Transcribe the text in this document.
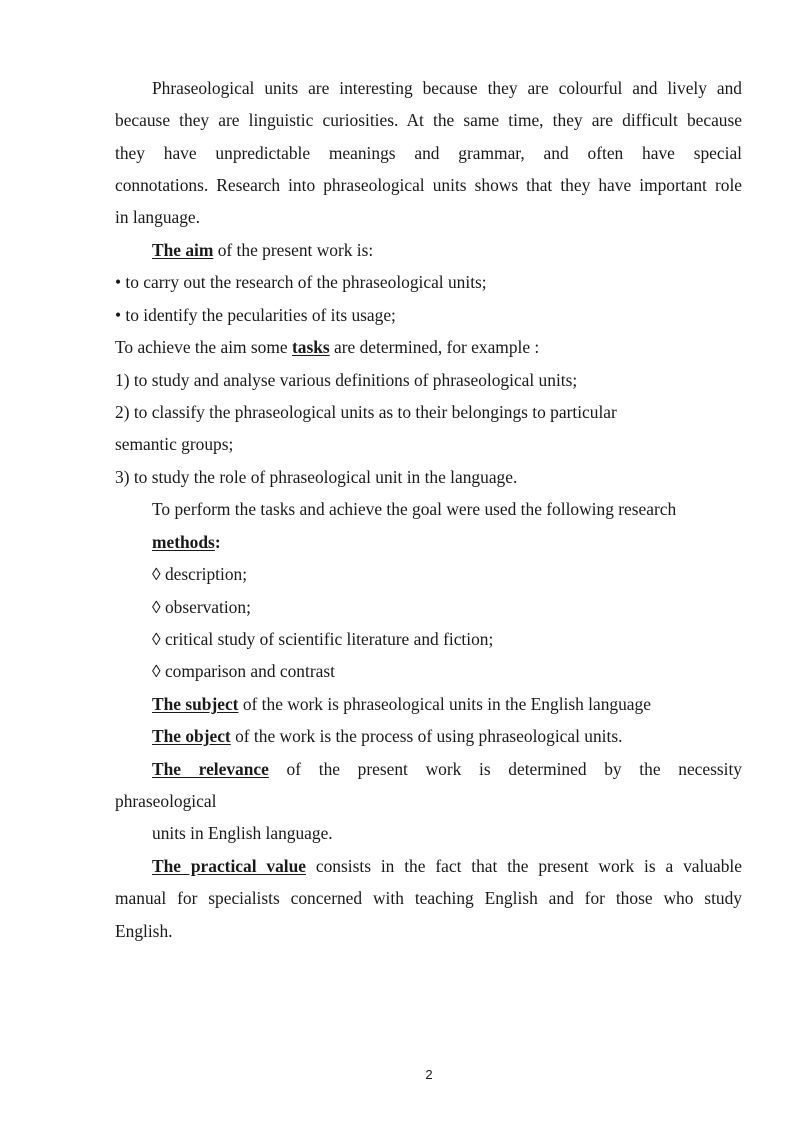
Phraseological units are interesting because they are colourful and lively and
because they are linguistic curiosities. At the same time, they are difficult because
they have unpredictable meanings and grammar, and often have special
connotations. Research into phraseological units shows that they have important role
in language.
The aim of the present work is:
• to carry out the research of the phraseological units;
• to identify the pecularities of its usage;
To achieve the aim some tasks are determined, for example :
1) to study and analyse various definitions of phraseological units;
2) to classify the phraseological units as to their belongings to particular
semantic groups;
3) to study the role of phraseological unit in the language.
To perform the tasks and achieve the goal were used the following research
methods:
◊ description;
◊ observation;
◊ critical study of scientific literature and fiction;
◊ comparison and contrast
The subject of the work is phraseological units in the English language
The object of the work is the process of using phraseological units.
The relevance of the present work is determined by the necessity
phraseological
units in English language.
The practical value consists in the fact that the present work is a valuable
manual for specialists concerned with teaching English and for those who study
English.
2
